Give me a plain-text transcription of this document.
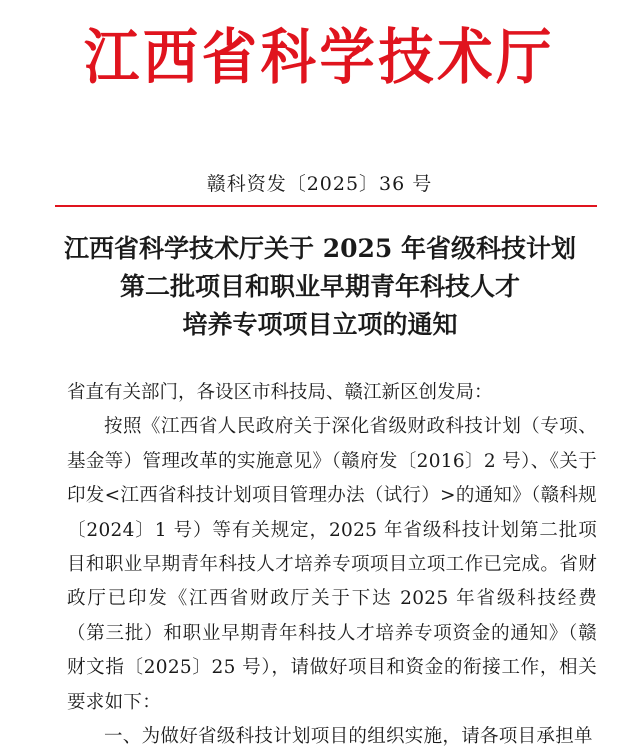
江西省科学技术厅
赣科资发〔2025〕36 号
江西省科学技术厅关于 2025 年省级科技计划
第二批项目和职业早期青年科技人才
培养专项项目立项的通知
省直有关部门，各设区市科技局、赣江新区创发局：
按照《江西省人民政府关于深化省级财政科技计划（专项、基金等）管理改革的实施意见》（赣府发〔2016〕2 号）、《关于印发<江西省科技计划项目管理办法（试行）>的通知》（赣科规〔2024〕1 号）等有关规定，2025 年省级科技计划第二批项目和职业早期青年科技人才培养专项项目立项工作已完成。省财政厅已印发《江西省财政厅关于下达 2025 年省级科技经费（第三批）和职业早期青年科技人才培养专项资金的通知》（赣财文指〔2025〕25 号），请做好项目和资金的衔接工作，相关要求如下：
一、为做好省级科技计划项目的组织实施，请各项目承担单
